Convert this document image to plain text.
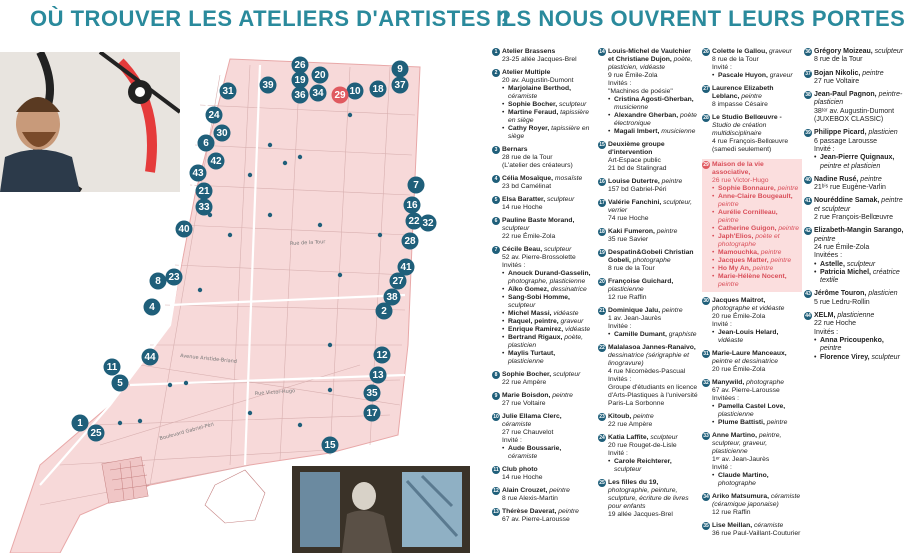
OÙ TROUVER LES ATELIERS D'ARTISTES ?
ILS NOUS OUVRENT LEURS PORTES
Rue Victor-Hugo
Avenue Aristide-Briand
Rue de la Tour
Boulevard Gabriel-Péri
1
2
4
5
6
7
8
9
10
11
12
13
15
16
17
18
19 20
21
22
23
24
25
26
27
28
29
30
31
32
33
34
35
36
37
38
39
40
41
42
43
44
1 Atelier Brassens
23-25 allée Jacques-Brel
2 Atelier Multiple
20 av. Augustin-Dumont
• Marjolaine Berthod, céramiste
• Sophie Bocher, sculpteur
• Martine Feraud, tapissière en siège
• Cathy Royer, tapissière en siège
3 Bernars
28 rue de la Tour
(L'atelier des créateurs)
4 Célia Mosaïque, mosaïste
23 bd Camélinat
5 Elsa Baratter, sculpteur
14 rue Hoche
6 Pauline Baste Morand, sculpteur
22 rue Émile-Zola
7 Cécile Beau, sculpteur
52 av. Pierre-Brossolette
Invités :
• Anouck Durand-Gasselin, photographe, plasticienne
• Aïko Gomez, dessinatrice
• Sang-Sobi Homme, sculpteur
• Michel Massi, vidéaste
• Raquel, peintre, graveur
• Enrique Ramirez, vidéaste
• Bertrand Rigaux, poète, plasticien
• Maylis Turtaut, plasticienne
8 Sophie Bocher, sculpteur
22 rue Ampère
9 Marie Boisdon, peintre
27 rue Voltaire
10 Julie Ellama Clerc, céramiste
27 rue Chauvelot
Invité :
• Aude Boussarie, céramiste
11 Club photo
14 rue Hoche
12 Alain Crouzet, peintre
8 rue Alexis-Martin
13 Thérèse Daverat, peintre
67 av. Pierre-Larousse
14 Louis-Michel de Vaulchier et Christiane Dujon, poète, plasticien, vidéaste
9 rue Émile-Zola
Invités :
"Machines de poésie"
• Cristina Agosti-Gherban, musicienne
• Alexandre Gherban, poète électronique
• Magali Imbert, musicienne
15 Deuxième groupe d'intervention
Art-Espace public
21 bd de Stalingrad
16 Louise Dutertre, peintre
157 bd Gabriel-Péri
17 Valérie Fanchini, sculpteur, verrier
74 rue Hoche
18 Kaki Fumeron, peintre
35 rue Savier
19 Despatin&Gobeli Christian Gobeli, photographe
8 rue de la Tour
20 Françoise Guichard, plasticienne
12 rue Raffin
21 Dominique Jalu, peintre
1 av. Jean-Jaurès
Invitée :
• Camille Dumant, graphiste
22 Malalasoa Jannes-Ranaivo, dessinatrice (sérigraphie et linogravure)
4 rue Nicomèdes-Pascual
Invités :
Groupe d'étudiants en licence d'Arts-Plastiques à l'université
Paris-La Sorbonne
23 Kitoub, peintre
22 rue Ampère
24 Katia Laffite, sculpteur
20 rue Rouget-de-Lisle
Invité :
• Carole Reichterer, sculpteur
25 Les filles du 19, photographie, peinture, sculpture, écriture de livres pour enfants
19 allée Jacques-Brel
26 Colette le Gallou, graveur
8 rue de la Tour
Invité :
• Pascale Huyon, graveur
27 Laurence Elizabeth Leblanc, peintre
8 impasse Césaire
28 Le Studio Bellœuvre - Studio de création multidisciplinaire
4 rue François-Bellœuvre
(samedi seulement)
29 Maison de la vie associative,
26 rue Victor-Hugo
• Sophie Bonnaure, peintre
• Anne-Claire Bougeault, peintre
• Aurélie Cornilleau, peintre
• Catherine Guigon, peintre
• Japh'Elios, poète et photographe
• Mamouchka, peintre
• Jacques Matter, peintre
• Ho My An, peintre
• Marie-Hélène Nocent, peintre
30 Jacques Maitrot, photographe et vidéaste
20 rue Émile-Zola
Invité :
• Jean-Louis Helard, vidéaste
31 Marie-Laure Manceaux, peintre et dessinatrice
20 rue Émile-Zola
32 Manywild, photographe
67 av. Pierre-Larousse
Invitées :
• Pamella Castel Love, plasticienne
• Plume Battisti, peintre
33 Anne Martino, peintre, sculpteur, graveur, plasticienne
1ᵉʳ av. Jean-Jaurès
Invité :
• Claude Martino, photographe
34 Ariko Matsumura, céramiste (céramique japonaise)
12 rue Raffin
35 Lise Meillan, céramiste
36 rue Paul-Vaillant-Couturier
36 Grégory Moizeau, sculpteur
8 rue de la Tour
37 Bojan Nikolic, peintre
27 rue Voltaire
38 Jean-Paul Pagnon, peintre-plasticien
38ᵗᵉʳ av. Augustin-Dumont (JUXEBOX CLASSIC)
39 Philippe Picard, plasticien
6 passage Larousse
Invité :
• Jean-Pierre Quignaux, peintre et plasticien
40 Nadine Rusé, peintre
21ᵇⁱˢ rue Eugène-Varlin
41 Nouréddine Samak, peintre et sculpteur
2 rue François-Bellœuvre
42 Elizabeth-Mangin Sarango, peintre
24 rue Émile-Zola
Invitées :
• Astelle, sculpteur
• Patricia Michel, créatrice textile
43 Jérôme Touron, plasticien
5 rue Ledru-Rollin
44 XELM, plasticienne
22 rue Hoche
Invités :
• Anna Pricoupenko, peintre
• Florence Virey, sculpteur
